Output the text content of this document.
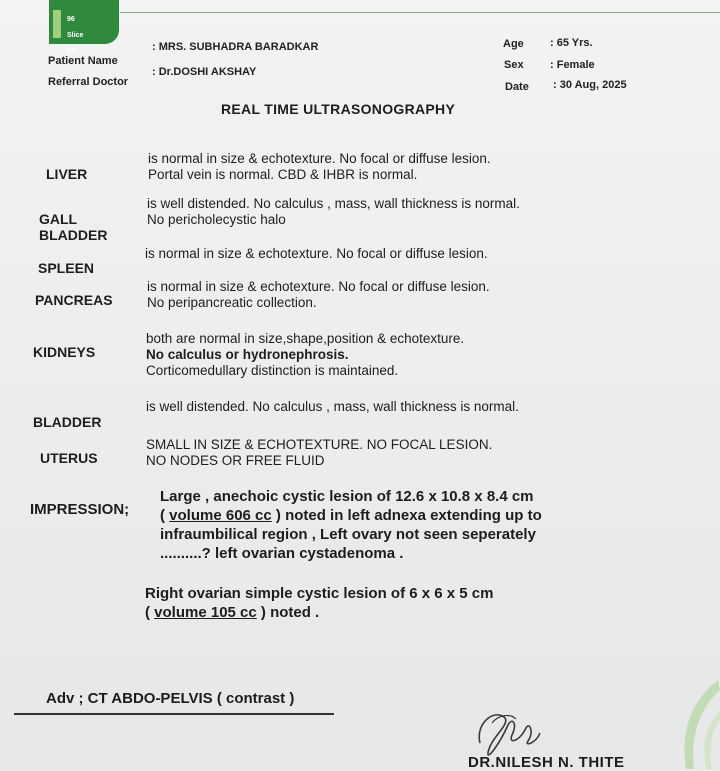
96

Slice

CT

Patient Name
: MRS. SUBHADRA BARADKAR
Referral Doctor
: Dr.DOSHI AKSHAY
Age : 65 Yrs.
Sex : Female
Date : 30 Aug, 2025
REAL TIME ULTRASONOGRAPHY
LIVER
is normal in size & echotexture. No focal or diffuse lesion.
Portal vein is normal. CBD & IHBR is normal.
GALL
BLADDER
is well distended. No calculus , mass, wall thickness is normal.
No pericholecystic halo
SPLEEN
is normal in size & echotexture. No focal or diffuse lesion.
PANCREAS
is normal in size & echotexture. No focal or diffuse lesion.
No peripancreatic collection.
KIDNEYS
both are normal in size,shape,position & echotexture.
No calculus or hydronephrosis.
Corticomedullary distinction is maintained.
BLADDER
is well distended. No calculus , mass, wall thickness is normal.
UTERUS
SMALL IN SIZE & ECHOTEXTURE. NO FOCAL LESION.
NO NODES OR FREE FLUID
IMPRESSION;
Large , anechoic cystic lesion of 12.6 x 10.8 x 8.4 cm
( volume 606 cc ) noted in left adnexa extending up to
infraumbilical region , Left ovary not seen seperately
..........? left ovarian cystadenoma .
Right ovarian simple cystic lesion of 6 x 6 x 5 cm
( volume 105 cc ) noted .
Adv ; CT ABDO-PELVIS ( contrast )
DR.NILESH N. THITE
